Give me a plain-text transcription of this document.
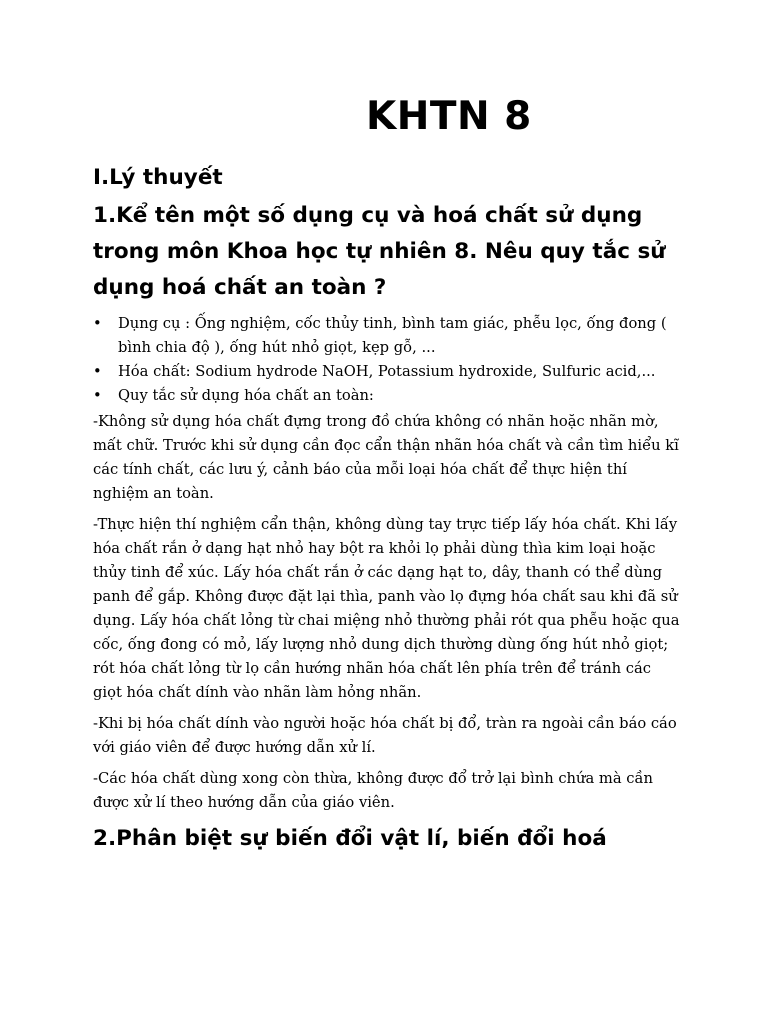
KHTN 8
I.Lý thuyết
1.Kể tên một số dụng cụ và hoá chất sử dụng trong môn Khoa học tự nhiên 8. Nêu quy tắc sử dụng hoá chất an toàn ?
• Dụng cụ : Ống nghiệm, cốc thủy tinh, bình tam giác, phễu lọc, ống đong ( bình chia độ ), ống hút nhỏ giọt, kẹp gỗ, ...
• Hóa chất: Sodium hydrode NaOH, Potassium hydroxide, Sulfuric acid,...
• Quy tắc sử dụng hóa chất an toàn:

-Không sử dụng hóa chất đựng trong đồ chứa không có nhãn hoặc nhãn mờ, mất chữ. Trước khi sử dụng cần đọc cẩn thận nhãn hóa chất và cần tìm hiểu kĩ các tính chất, các lưu ý, cảnh báo của mỗi loại hóa chất để thực hiện thí nghiệm an toàn.

-Thực hiện thí nghiệm cẩn thận, không dùng tay trực tiếp lấy hóa chất. Khi lấy hóa chất rắn ở dạng hạt nhỏ hay bột ra khỏi lọ phải dùng thìa kim loại hoặc thủy tinh để xúc. Lấy hóa chất rắn ở các dạng hạt to, dây, thanh có thể dùng panh để gắp. Không được đặt lại thìa, panh vào lọ đựng hóa chất sau khi đã sử dụng. Lấy hóa chất lỏng từ chai miệng nhỏ thường phải rót qua phễu hoặc qua cốc, ống đong có mỏ, lấy lượng nhỏ dung dịch thường dùng ống hút nhỏ giọt; rót hóa chất lỏng từ lọ cần hướng nhãn hóa chất lên phía trên để tránh các giọt hóa chất dính vào nhãn làm hỏng nhãn.

-Khi bị hóa chất dính vào người hoặc hóa chất bị đổ, tràn ra ngoài cần báo cáo với giáo viên để được hướng dẫn xử lí.

-Các hóa chất dùng xong còn thừa, không được đổ trở lại bình chứa mà cần được xử lí theo hướng dẫn của giáo viên.

2.Phân biệt sự biến đổi vật lí, biến đổi hoá
